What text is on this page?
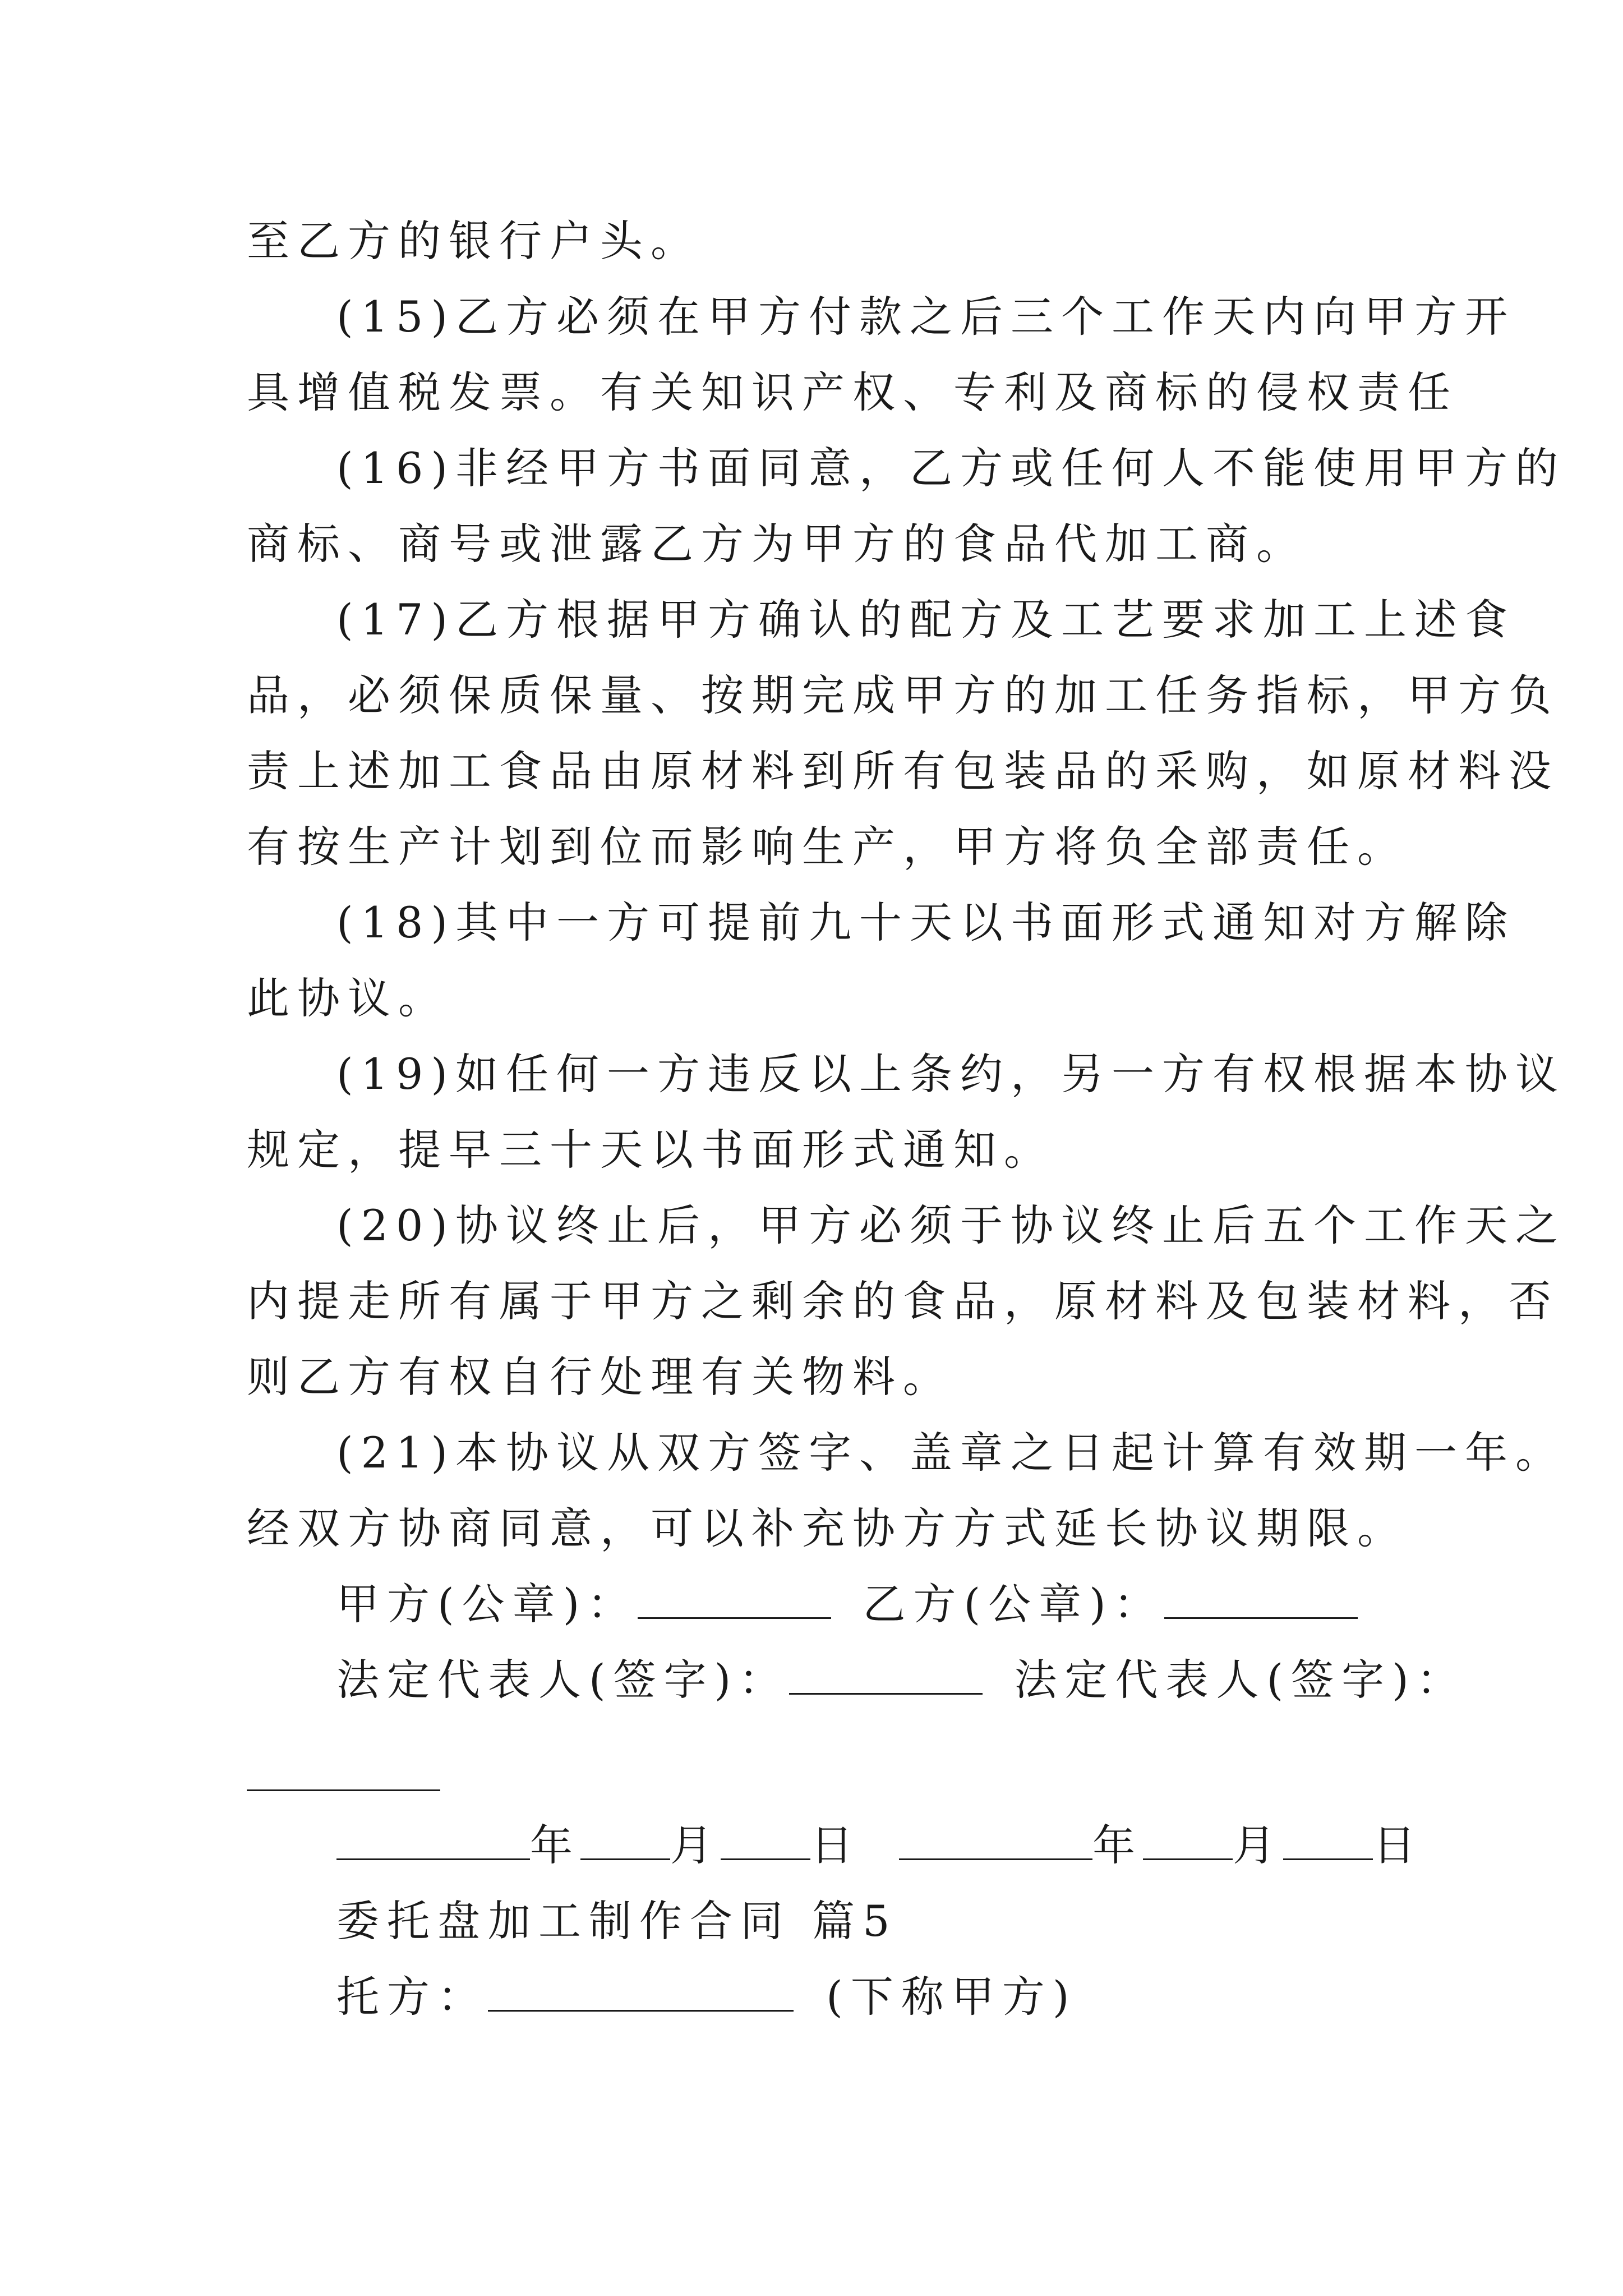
至乙方的银行户头。
(15)乙方必须在甲方付款之后三个工作天内向甲方开
具增值税发票。有关知识产权、专利及商标的侵权责任
(16)非经甲方书面同意，乙方或任何人不能使用甲方的
商标、商号或泄露乙方为甲方的食品代加工商。
(17)乙方根据甲方确认的配方及工艺要求加工上述食
品，必须保质保量、按期完成甲方的加工任务指标，甲方负
责上述加工食品由原材料到所有包装品的采购，如原材料没
有按生产计划到位而影响生产，甲方将负全部责任。
(18)其中一方可提前九十天以书面形式通知对方解除
此协议。
(19)如任何一方违反以上条约，另一方有权根据本协议
规定，提早三十天以书面形式通知。
(20)协议终止后，甲方必须于协议终止后五个工作天之
内提走所有属于甲方之剩余的食品，原材料及包装材料，否
则乙方有权自行处理有关物料。
(21)本协议从双方签字、盖章之日起计算有效期一年。
经双方协商同意，可以补充协方方式延长协议期限。
甲方(公章)：	乙方(公章)：
法定代表人(签字)：	法定代表人(签字)：
年 月 日	年 月 日
委托盘加工制作合同 篇5
托方：	(下称甲方)
